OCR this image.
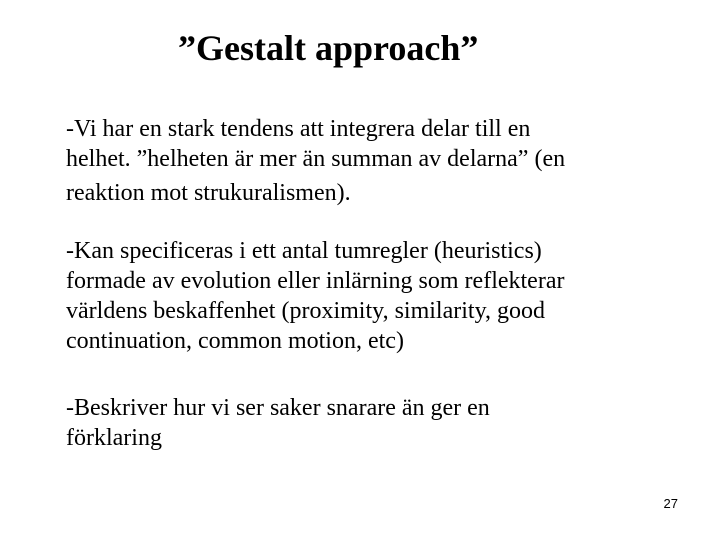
”Gestalt approach”
-Vi har en stark tendens att integrera delar till en
helhet. ”helheten är mer än summan av delarna” (en
reaktion mot strukuralismen).
-Kan specificeras i ett antal tumregler (heuristics)
formade av evolution eller inlärning som reflekterar
världens beskaffenhet (proximity, similarity, good
continuation, common motion, etc)
-Beskriver hur vi ser saker snarare än ger en
förklaring
27
